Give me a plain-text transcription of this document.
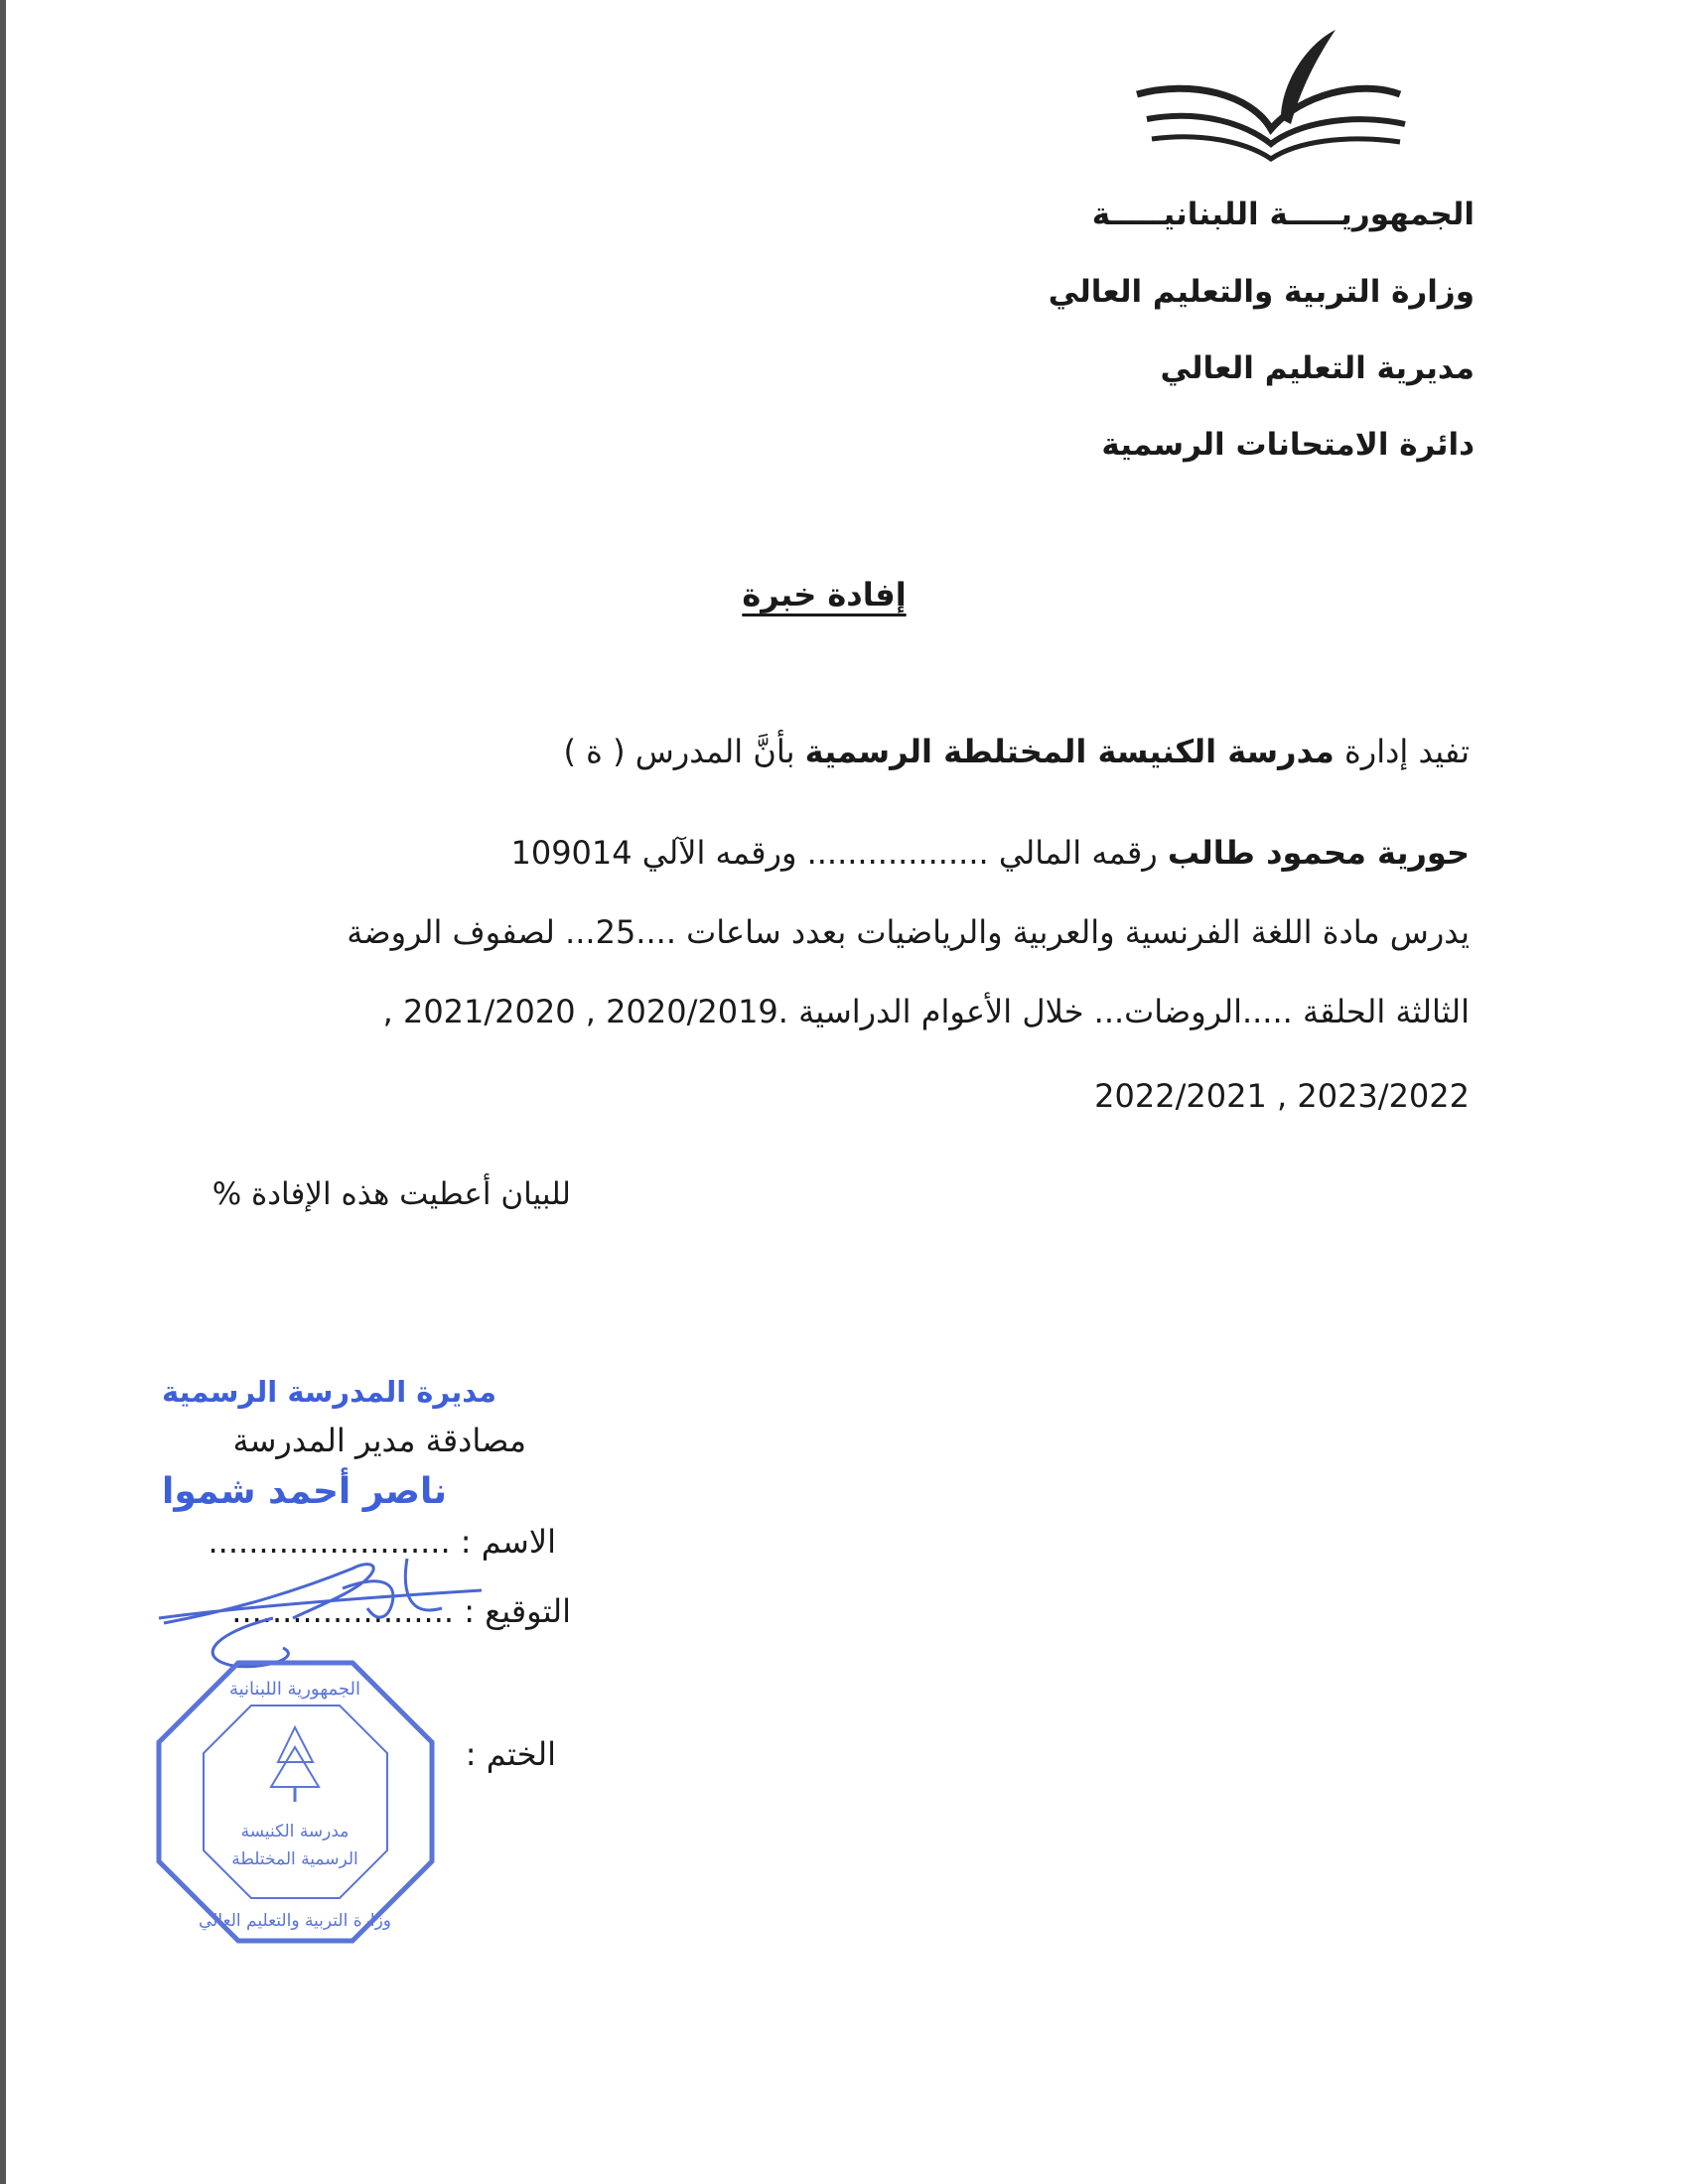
الجمهوريـــــة اللبنانيـــــة
وزارة التربية والتعليم العالي
مديرية التعليم العالي
دائرة الامتحانات الرسمية
إفادة خبرة
تفيد إدارة مدرسة الكنيسة المختلطة الرسمية بأنَّ المدرس ( ة )
حورية محمود طالب رقمه المالي .................. ورقمه الآلي 109014
يدرس مادة اللغة الفرنسية والعربية والرياضيات بعدد ساعات ....25... لصفوف الروضة
الثالثة الحلقة .....الروضات... خلال الأعوام الدراسية .2020/2019 , 2021/2020 ,
2023/2022 , 2022/2021
للبيان أعطيت هذه الإفادة %
مديرة المدرسة الرسمية
مصادقة مدير المدرسة
ناصر أحمد شموا
الاسم : ........................
التوقيع : ......................
الختم :
الجمهورية اللبنانية
مدرسة الكنيسة
الرسمية المختلطة
وزارة التربية والتعليم العالي
